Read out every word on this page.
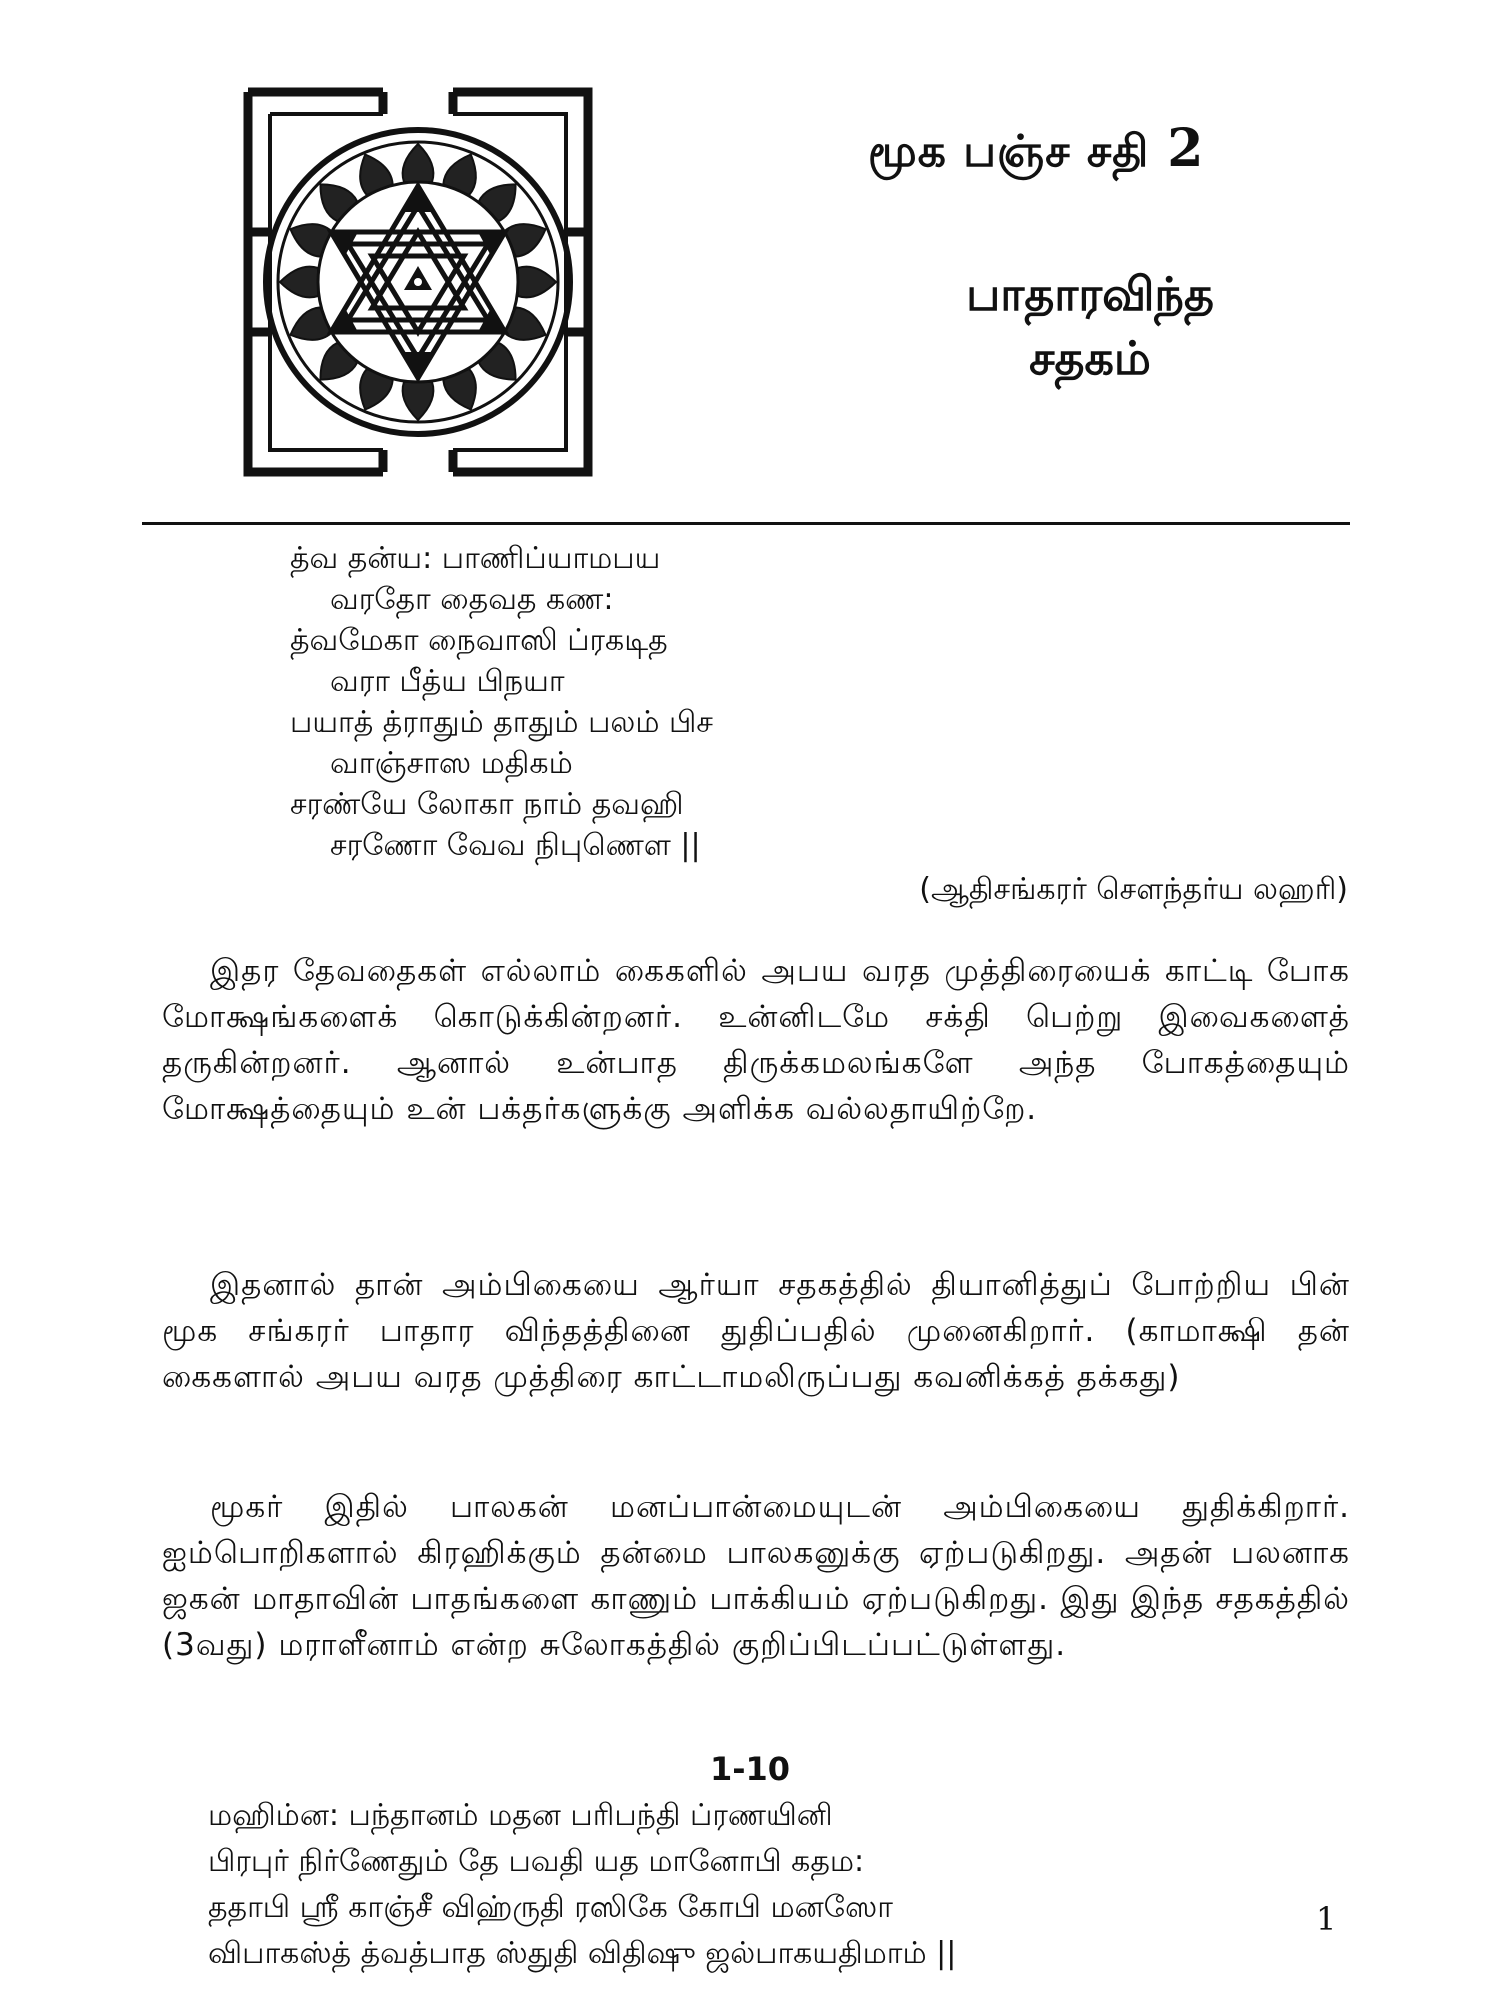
மூக பஞ்ச சதி 2
பாதாரவிந்த
சதகம்
த்வ தன்ய: பாணிப்யாமபய
வரதோ தைவத கண:
த்வமேகா நைவாஸி ப்ரகடித
வரா பீத்ய பிநயா
பயாத் த்ராதும் தாதும் பலம் பிச
வாஞ்சாஸ மதிகம்
சரண்யே லோகா நாம் தவஹி
சரணோ வேவ நிபுணௌ ||
(ஆதிசங்கரர் சௌந்தர்ய லஹரி)

இதர தேவதைகள் எல்லாம் கைகளில் அபய வரத முத்திரையைக் காட்டி போக மோக்ஷங்களைக் கொடுக்கின்றனர். உன்னிடமே சக்தி பெற்று இவைகளைத் தருகின்றனர். ஆனால் உன்பாத திருக்கமலங்களே அந்த போகத்தையும் மோக்ஷத்தையும் உன் பக்தர்களுக்கு அளிக்க வல்லதாயிற்றே.

இதனால் தான் அம்பிகையை ஆர்யா சதகத்தில் தியானித்துப் போற்றிய பின் மூக சங்கரர் பாதார விந்தத்தினை துதிப்பதில் முனைகிறார். (காமாக்ஷி தன் கைகளால் அபய வரத முத்திரை காட்டாமலிருப்பது கவனிக்கத் தக்கது)

மூகர் இதில் பாலகன் மனப்பான்மையுடன் அம்பிகையை துதிக்கிறார். ஐம்பொறிகளால் கிரஹிக்கும் தன்மை பாலகனுக்கு ஏற்படுகிறது. அதன் பலனாக ஜகன் மாதாவின் பாதங்களை காணும் பாக்கியம் ஏற்படுகிறது. இது இந்த சதகத்தில் (3வது) மராளீனாம் என்ற சுலோகத்தில் குறிப்பிடப்பட்டுள்ளது.

1-10
மஹிம்ன: பந்தானம் மதன பரிபந்தி ப்ரணயினி
பிரபுர் நிர்ணேதும் தே பவதி யத மானோபி கதம:
ததாபி ஸ்ரீ காஞ்சீ விஹ்ருதி ரஸிகே கோபி மனஸோ
விபாகஸ்த் த்வத்பாத ஸ்துதி விதிஷு ஜல்பாகயதிமாம் ||
1
